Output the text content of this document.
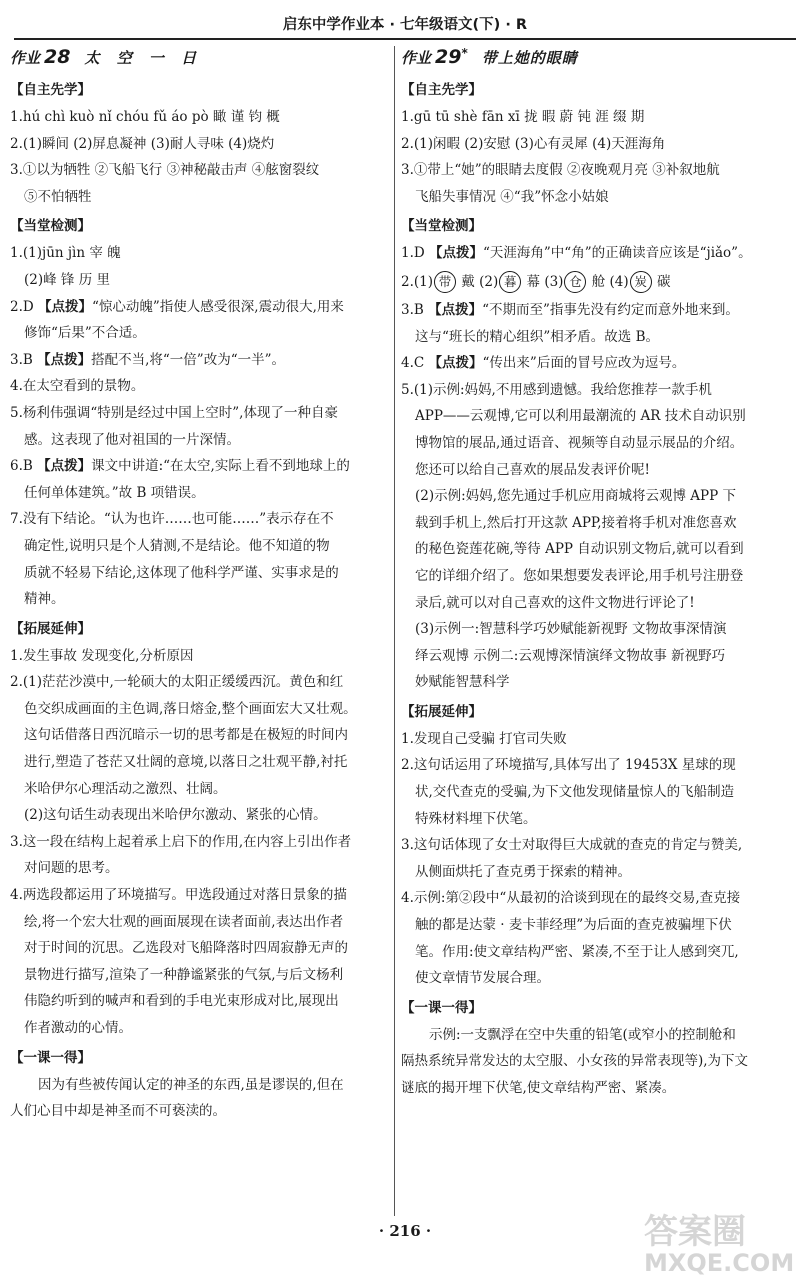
启东中学作业本 · 七年级语文(下) · R
作业 28 太 空 一 日
【自主先学】
1.hú chì kuò nǐ chóu fǔ áo pò 瞰 谨 钧 概
2.(1)瞬间 (2)屏息凝神 (3)耐人寻味 (4)烧灼
3.①以为牺牲 ②飞船飞行 ③神秘敲击声 ④舷窗裂纹
⑤不怕牺牲
【当堂检测】
1.(1)jūn jìn 宰 魄
(2)峰 锋 历 里
2.D 【点拨】“惊心动魄”指使人感受很深,震动很大,用来
修饰“后果”不合适。
3.B 【点拨】搭配不当,将“一倍”改为“一半”。
4.在太空看到的景物。
5.杨利伟强调“特别是经过中国上空时”,体现了一种自豪
感。这表现了他对祖国的一片深情。
6.B 【点拨】课文中讲道:“在太空,实际上看不到地球上的
任何单体建筑。”故 B 项错误。
7.没有下结论。“认为也许……也可能……”表示存在不
确定性,说明只是个人猜测,不是结论。他不知道的物
质就不轻易下结论,这体现了他科学严谨、实事求是的
精神。
【拓展延伸】
1.发生事故 发现变化,分析原因
2.(1)茫茫沙漠中,一轮硕大的太阳正缓缓西沉。黄色和红
色交织成画面的主色调,落日熔金,整个画面宏大又壮观。
这句话借落日西沉暗示一切的思考都是在极短的时间内
进行,塑造了苍茫又壮阔的意境,以落日之壮观平静,衬托
米哈伊尔心理活动之激烈、壮阔。
(2)这句话生动表现出米哈伊尔激动、紧张的心情。
3.这一段在结构上起着承上启下的作用,在内容上引出作者
对问题的思考。
4.两选段都运用了环境描写。甲选段通过对落日景象的描
绘,将一个宏大壮观的画面展现在读者面前,表达出作者
对于时间的沉思。乙选段对飞船降落时四周寂静无声的
景物进行描写,渲染了一种静谧紧张的气氛,与后文杨利
伟隐约听到的喊声和看到的手电光束形成对比,展现出
作者激动的心情。
【一课一得】
因为有些被传闻认定的神圣的东西,虽是谬误的,但在
人们心目中却是神圣而不可亵渎的。
作业 29* 带上她的眼睛
【自主先学】
1.gū tū shè fān xī 拢 暇 蔚 钝 涯 缀 期
2.(1)闲暇 (2)安慰 (3)心有灵犀 (4)天涯海角
3.①带上“她”的眼睛去度假 ②夜晚观月亮 ③补叙地航
飞船失事情况 ④“我”怀念小姑娘
【当堂检测】
1.D 【点拨】“天涯海角”中“角”的正确读音应该是“jiǎo”。
2.(1) 带 戴 (2) 暮 幕 (3) 仓 舱 (4) 炭 碳
3.B 【点拨】“不期而至”指事先没有约定而意外地来到。
这与“班长的精心组织”相矛盾。故选 B。
4.C 【点拨】“传出来”后面的冒号应改为逗号。
5.(1)示例:妈妈,不用感到遗憾。我给您推荐一款手机
APP——云观博,它可以利用最潮流的 AR 技术自动识别
博物馆的展品,通过语音、视频等自动显示展品的介绍。
您还可以给自己喜欢的展品发表评价呢!
(2)示例:妈妈,您先通过手机应用商城将云观博 APP 下
载到手机上,然后打开这款 APP,接着将手机对准您喜欢
的秘色瓷莲花碗,等待 APP 自动识别文物后,就可以看到
它的详细介绍了。您如果想要发表评论,用手机号注册登
录后,就可以对自己喜欢的这件文物进行评论了!
(3)示例一:智慧科学巧妙赋能新视野 文物故事深情演
绎云观博 示例二:云观博深情演绎文物故事 新视野巧
妙赋能智慧科学
【拓展延伸】
1.发现自己受骗 打官司失败
2.这句话运用了环境描写,具体写出了 19453X 星球的现
状,交代查克的受骗,为下文他发现储量惊人的飞船制造
特殊材料埋下伏笔。
3.这句话体现了女士对取得巨大成就的查克的肯定与赞美,
从侧面烘托了查克勇于探索的精神。
4.示例:第②段中“从最初的洽谈到现在的最终交易,查克接
触的都是达蒙 · 麦卡菲经理”为后面的查克被骗埋下伏
笔。作用:使文章结构严密、紧凑,不至于让人感到突兀,
使文章情节发展合理。
【一课一得】
示例:一支飘浮在空中失重的铅笔(或窄小的控制舱和
隔热系统异常发达的太空服、小女孩的异常表现等),为下文
谜底的揭开埋下伏笔,使文章结构严密、紧凑。
· 216 ·	答案圈
MXQE.COM
